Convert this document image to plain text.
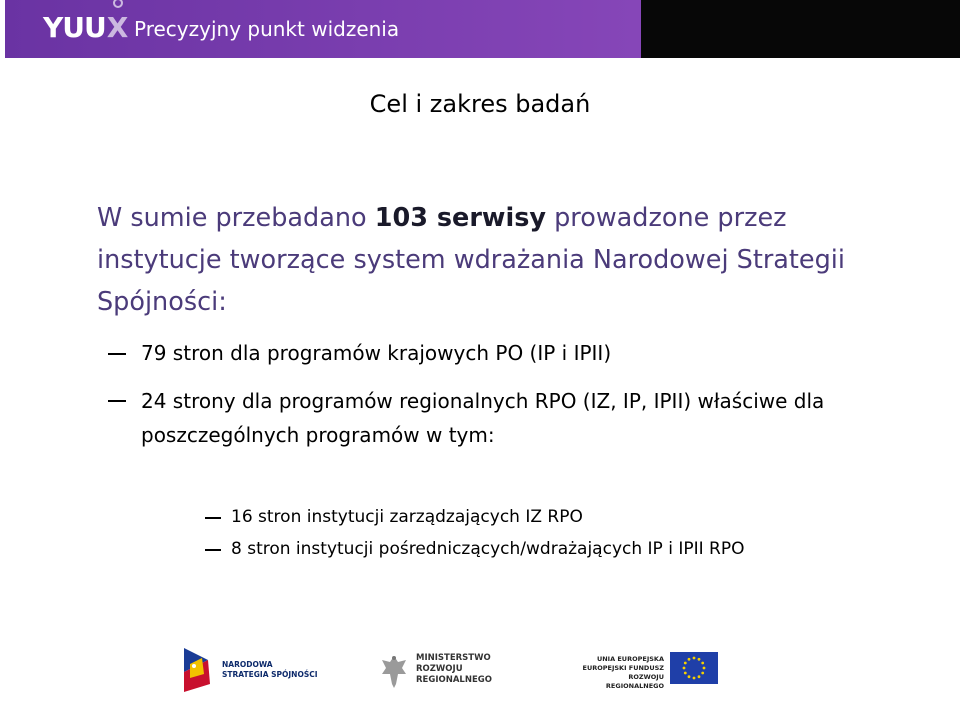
YUU X Precyzyjny punkt widzenia
Cel i zakres badań
W sumie przebadano 103 serwisy prowadzone przez instytucje tworzące system wdrażania Narodowej Strategii Spójności:
79 stron dla programów krajowych PO (IP i IPII)
24 strony dla programów regionalnych RPO (IZ, IP, IPII) właściwe dla poszczególnych programów w tym:
16 stron instytucji zarządzających IZ RPO
8 stron instytucji pośredniczących/wdrażających IP i IPII RPO
NARODOWA
STRATEGIA SPÓJNOŚCI
MINISTERSTWO
ROZWOJU
REGIONALNEGO
UNIA EUROPEJSKA
EUROPEJSKI FUNDUSZ
ROZWOJU REGIONALNEGO
